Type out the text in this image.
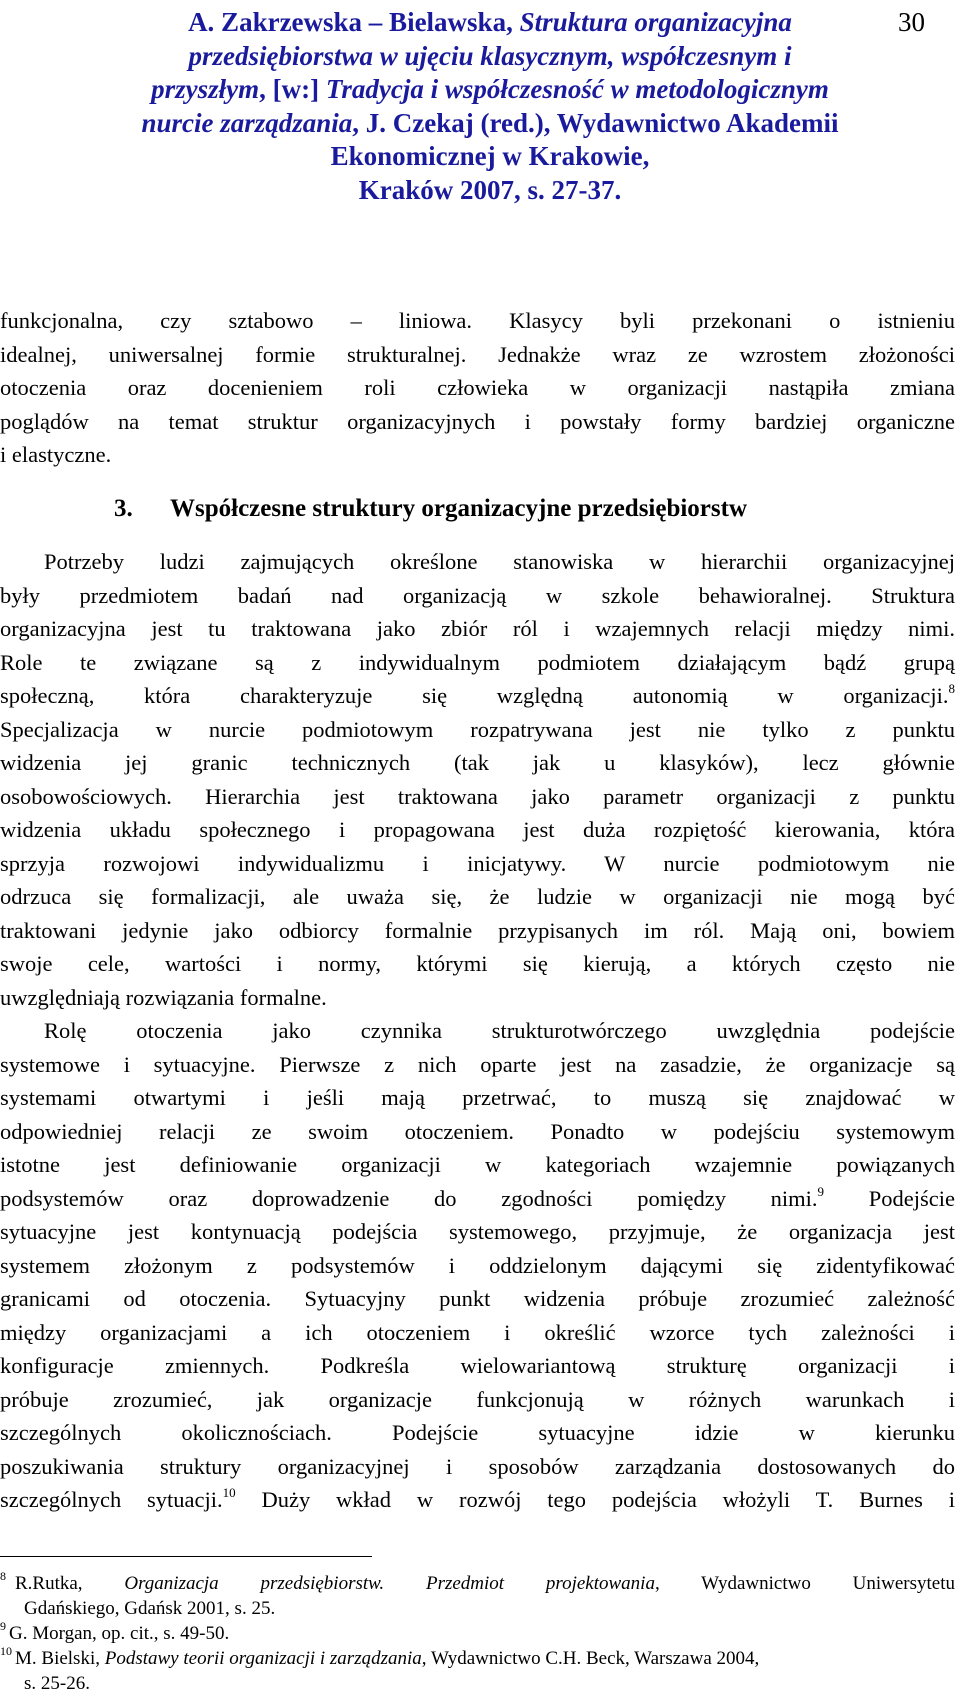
A. Zakrzewska – Bielawska, Struktura organizacyjna
przedsiębiorstwa w ujęciu klasycznym, współczesnym i
przyszłym, [w:] Tradycja i współczesność w metodologicznym
nurcie zarządzania, J. Czekaj (red.), Wydawnictwo Akademii
Ekonomicznej w Krakowie,
Kraków 2007, s. 27-37.
30
funkcjonalna, czy sztabowo – liniowa. Klasycy byli przekonani o istnieniu
idealnej, uniwersalnej formie strukturalnej. Jednakże wraz ze wzrostem złożoności
otoczenia oraz docenieniem roli człowieka w organizacji nastąpiła zmiana
poglądów na temat struktur organizacyjnych i powstały formy bardziej organiczne
i elastyczne.
3. Współczesne struktury organizacyjne przedsiębiorstw
Potrzeby ludzi zajmujących określone stanowiska w hierarchii organizacyjnej
były przedmiotem badań nad organizacją w szkole behawioralnej. Struktura
organizacyjna jest tu traktowana jako zbiór ról i wzajemnych relacji między nimi.
Role te związane są z indywidualnym podmiotem działającym bądź grupą
społeczną, która charakteryzuje się względną autonomią w organizacji.$^8$
Specjalizacja w nurcie podmiotowym rozpatrywana jest nie tylko z punktu
widzenia jej granic technicznych (tak jak u klasyków), lecz głównie
osobowościowych. Hierarchia jest traktowana jako parametr organizacji z punktu
widzenia układu społecznego i propagowana jest duża rozpiętość kierowania, która
sprzyja rozwojowi indywidualizmu i inicjatywy. W nurcie podmiotowym nie
odrzuca się formalizacji, ale uważa się, że ludzie w organizacji nie mogą być
traktowani jedynie jako odbiorcy formalnie przypisanych im ról. Mają oni, bowiem
swoje cele, wartości i normy, którymi się kierują, a których często nie
uwzględniają rozwiązania formalne.
Rolę otoczenia jako czynnika strukturotwórczego uwzględnia podejście
systemowe i sytuacyjne. Pierwsze z nich oparte jest na zasadzie, że organizacje są
systemami otwartymi i jeśli mają przetrwać, to muszą się znajdować w
odpowiedniej relacji ze swoim otoczeniem. Ponadto w podejściu systemowym
istotne jest definiowanie organizacji w kategoriach wzajemnie powiązanych
podsystemów oraz doprowadzenie do zgodności pomiędzy nimi.$^9$ Podejście
sytuacyjne jest kontynuacją podejścia systemowego, przyjmuje, że organizacja jest
systemem złożonym z podsystemów i oddzielonym dającymi się zidentyfikować
granicami od otoczenia. Sytuacyjny punkt widzenia próbuje zrozumieć zależność
między organizacjami a ich otoczeniem i określić wzorce tych zależności i
konfiguracje zmiennych. Podkreśla wielowariantową strukturę organizacji i
próbuje zrozumieć, jak organizacje funkcjonują w różnych warunkach i
szczególnych okolicznościach. Podejście sytuacyjne idzie w kierunku
poszukiwania struktury organizacyjnej i sposobów zarządzania dostosowanych do
szczególnych sytuacji.$^{10}$ Duży wkład w rozwój tego podejścia włożyli T. Burnes i
$^8$ R.Rutka, Organizacja przedsiębiorstw. Przedmiot projektowania, Wydawnictwo Uniwersytetu
Gdańskiego, Gdańsk 2001, s. 25.
$^9$ G. Morgan, op. cit., s. 49-50.
$^{10}$ M. Bielski, Podstawy teorii organizacji i zarządzania, Wydawnictwo C.H. Beck, Warszawa 2004,
s. 25-26.
